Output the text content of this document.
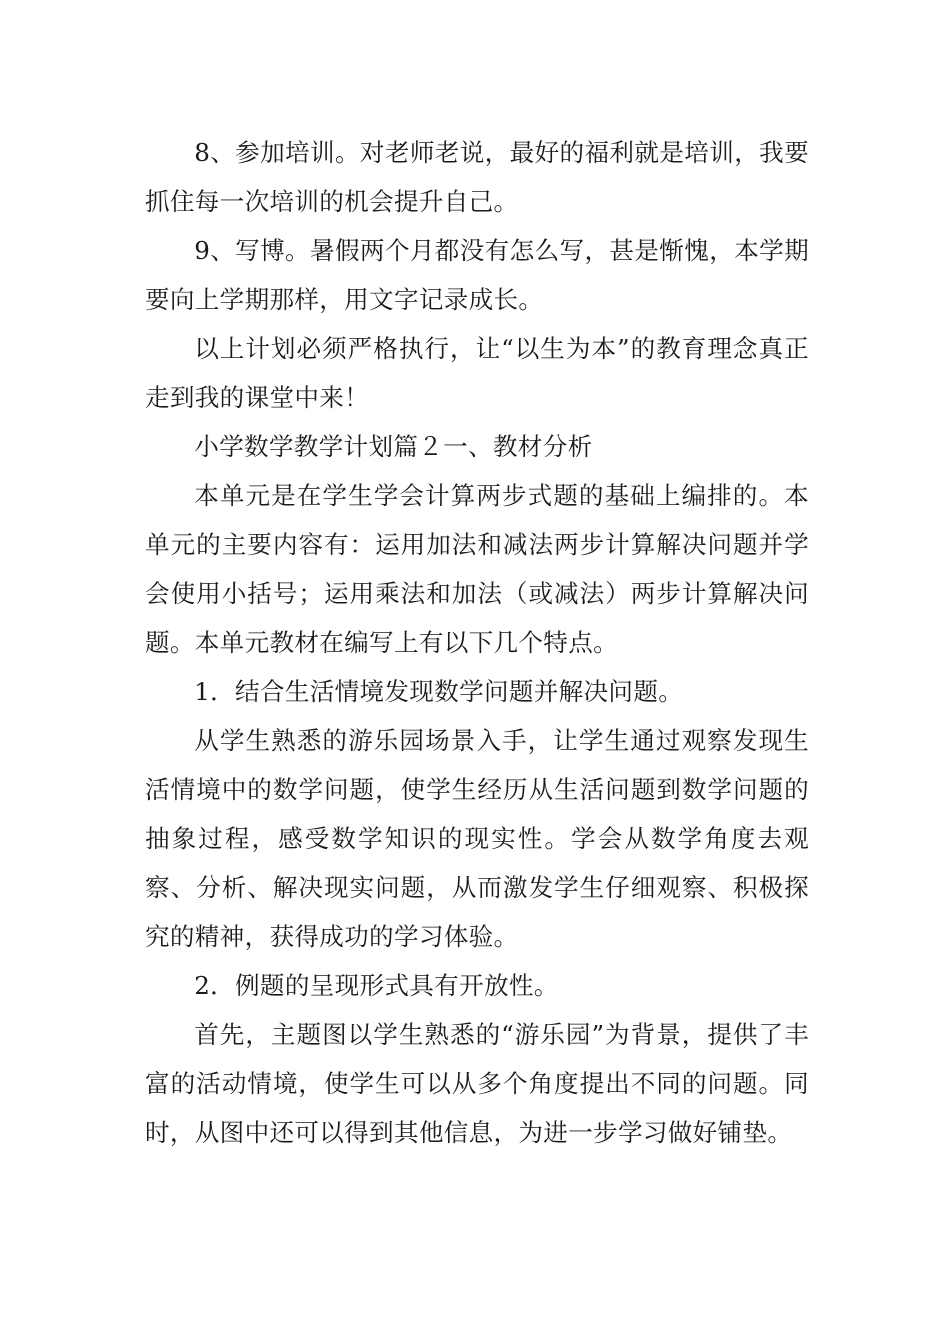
8、参加培训。对老师老说，最好的福利就是培训，我要抓住每一次培训的机会提升自己。

9、写博。暑假两个月都没有怎么写，甚是惭愧，本学期要向上学期那样，用文字记录成长。

以上计划必须严格执行，让“以生为本”的教育理念真正走到我的课堂中来！

小学数学教学计划篇２一、教材分析

本单元是在学生学会计算两步式题的基础上编排的。本单元的主要内容有：运用加法和减法两步计算解决问题并学会使用小括号；运用乘法和加法（或减法）两步计算解决问题。本单元教材在编写上有以下几个特点。

1．结合生活情境发现数学问题并解决问题。

从学生熟悉的游乐园场景入手，让学生通过观察发现生活情境中的数学问题，使学生经历从生活问题到数学问题的抽象过程，感受数学知识的现实性。学会从数学角度去观察、分析、解决现实问题，从而激发学生仔细观察、积极探究的精神，获得成功的学习体验。

2．例题的呈现形式具有开放性。

首先，主题图以学生熟悉的“游乐园”为背景，提供了丰富的活动情境，使学生可以从多个角度提出不同的问题。同时，从图中还可以得到其他信息，为进一步学习做好铺垫。
